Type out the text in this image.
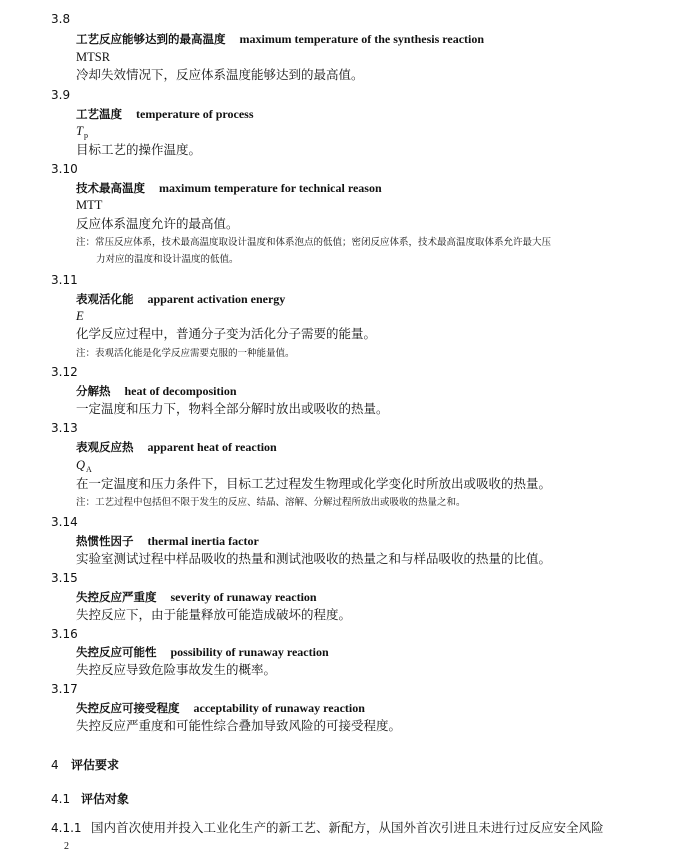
3.8
工艺反应能够达到的最高温度 maximum temperature of the synthesis reaction
MTSR
冷却失效情况下，反应体系温度能够达到的最高值。
3.9
工艺温度 temperature of process
$T_p$
目标工艺的操作温度。
3.10
技术最高温度 maximum temperature for technical reason
MTT
反应体系温度允许的最高值。
注：常压反应体系，技术最高温度取设计温度和体系泡点的低值；密闭反应体系，技术最高温度取体系允许最大压
力对应的温度和设计温度的低值。
3.11
表观活化能 apparent activation energy
E
化学反应过程中，普通分子变为活化分子需要的能量。
注：表观活化能是化学反应需要克服的一种能量值。
3.12
分解热 heat of decomposition
一定温度和压力下，物料全部分解时放出或吸收的热量。
3.13
表观反应热 apparent heat of reaction
$Q_A$
在一定温度和压力条件下，目标工艺过程发生物理或化学变化时所放出或吸收的热量。
注：工艺过程中包括但不限于发生的反应、结晶、溶解、分解过程所放出或吸收的热量之和。
3.14
热惯性因子 thermal inertia factor
实验室测试过程中样品吸收的热量和测试池吸收的热量之和与样品吸收的热量的比值。
3.15
失控反应严重度 severity of runaway reaction
失控反应下，由于能量释放可能造成破坏的程度。
3.16
失控反应可能性 possibility of runaway reaction
失控反应导致危险事故发生的概率。
3.17
失控反应可接受程度 acceptability of runaway reaction
失控反应严重度和可能性综合叠加导致风险的可接受程度。
4 评估要求
4.1 评估对象
4.1.1 国内首次使用并投入工业化生产的新工艺、新配方，从国外首次引进且未进行过反应安全风险
2
